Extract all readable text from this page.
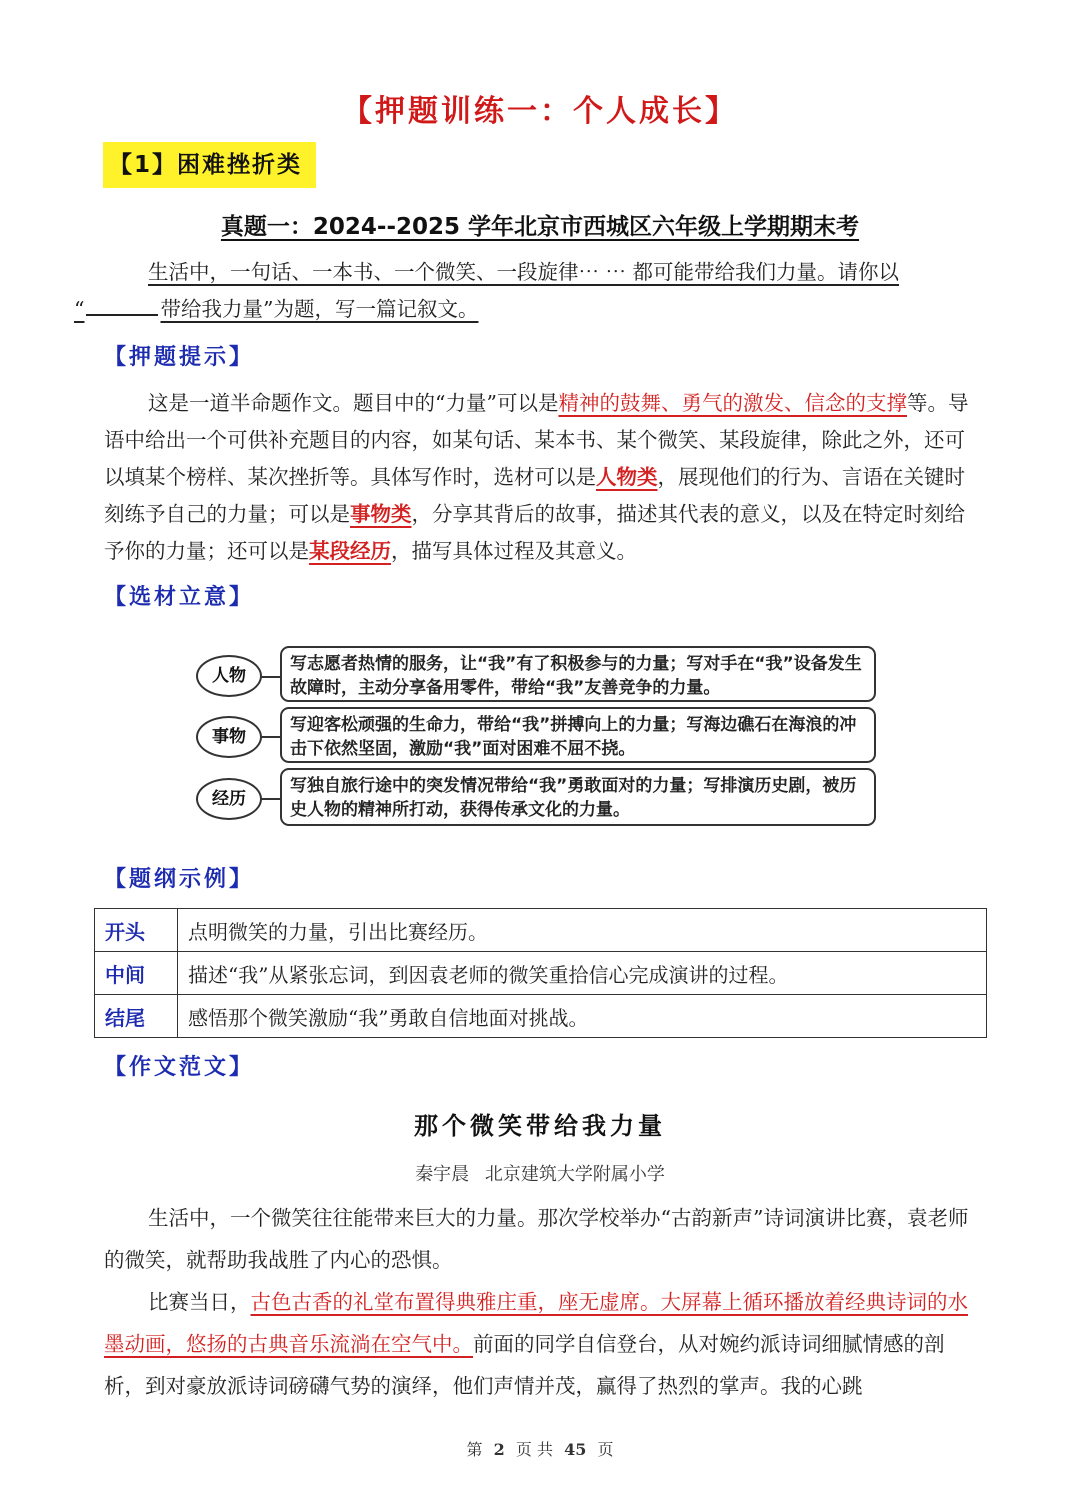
【押题训练一：个人成长】
【1】困难挫折类
真题一：2024--2025 学年北京市西城区六年级上学期期末考
生活中，一句话、一本书、一个微笑、一段旋律⋯ ⋯ 都可能带给我们力量。请你以
“	带给我力量”为题，写一篇记叙文。
【押题提示】
这是一道半命题作文。题目中的“力量”可以是精神的鼓舞、勇气的激发、信念的支撑等。导语中给出一个可供补充题目的内容，如某句话、某本书、某个微笑、某段旋律，除此之外，还可以填某个榜样、某次挫折等。具体写作时，选材可以是人物类，展现他们的行为、言语在关键时刻练予自己的力量；可以是事物类，分享其背后的故事，描述其代表的意义，以及在特定时刻给予你的力量；还可以是某段经历，描写具体过程及其意义。
【选材立意】
人物
写志愿者热情的服务，让“我”有了积极参与的力量；写对手在“我”设备发生故障时，主动分享备用零件，带给“我”友善竞争的力量。
事物
写迎客松顽强的生命力，带给“我”拼搏向上的力量；写海边礁石在海浪的冲击下依然坚固，激励“我”面对困难不屈不挠。
经历
写独自旅行途中的突发情况带给“我”勇敢面对的力量；写排演历史剧，被历史人物的精神所打动，获得传承文化的力量。
【题纲示例】
开头	点明微笑的力量，引出比赛经历。
中间	描述“我”从紧张忘词，到因袁老师的微笑重拾信心完成演讲的过程。
结尾	感悟那个微笑激励“我”勇敢自信地面对挑战。
【作文范文】
那个微笑带给我力量
秦宇晨 北京建筑大学附属小学
生活中，一个微笑往往能带来巨大的力量。那次学校举办“古韵新声”诗词演讲比赛，袁老师的微笑，就帮助我战胜了内心的恐惧。
比赛当日，古色古香的礼堂布置得典雅庄重，座无虚席。大屏幕上循环播放着经典诗词的水墨动画，悠扬的古典音乐流淌在空气中。前面的同学自信登台，从对婉约派诗词细腻情感的剖析，到对豪放派诗词磅礴气势的演绎，他们声情并茂，赢得了热烈的掌声。我的心跳
第 2 页 共 45 页
